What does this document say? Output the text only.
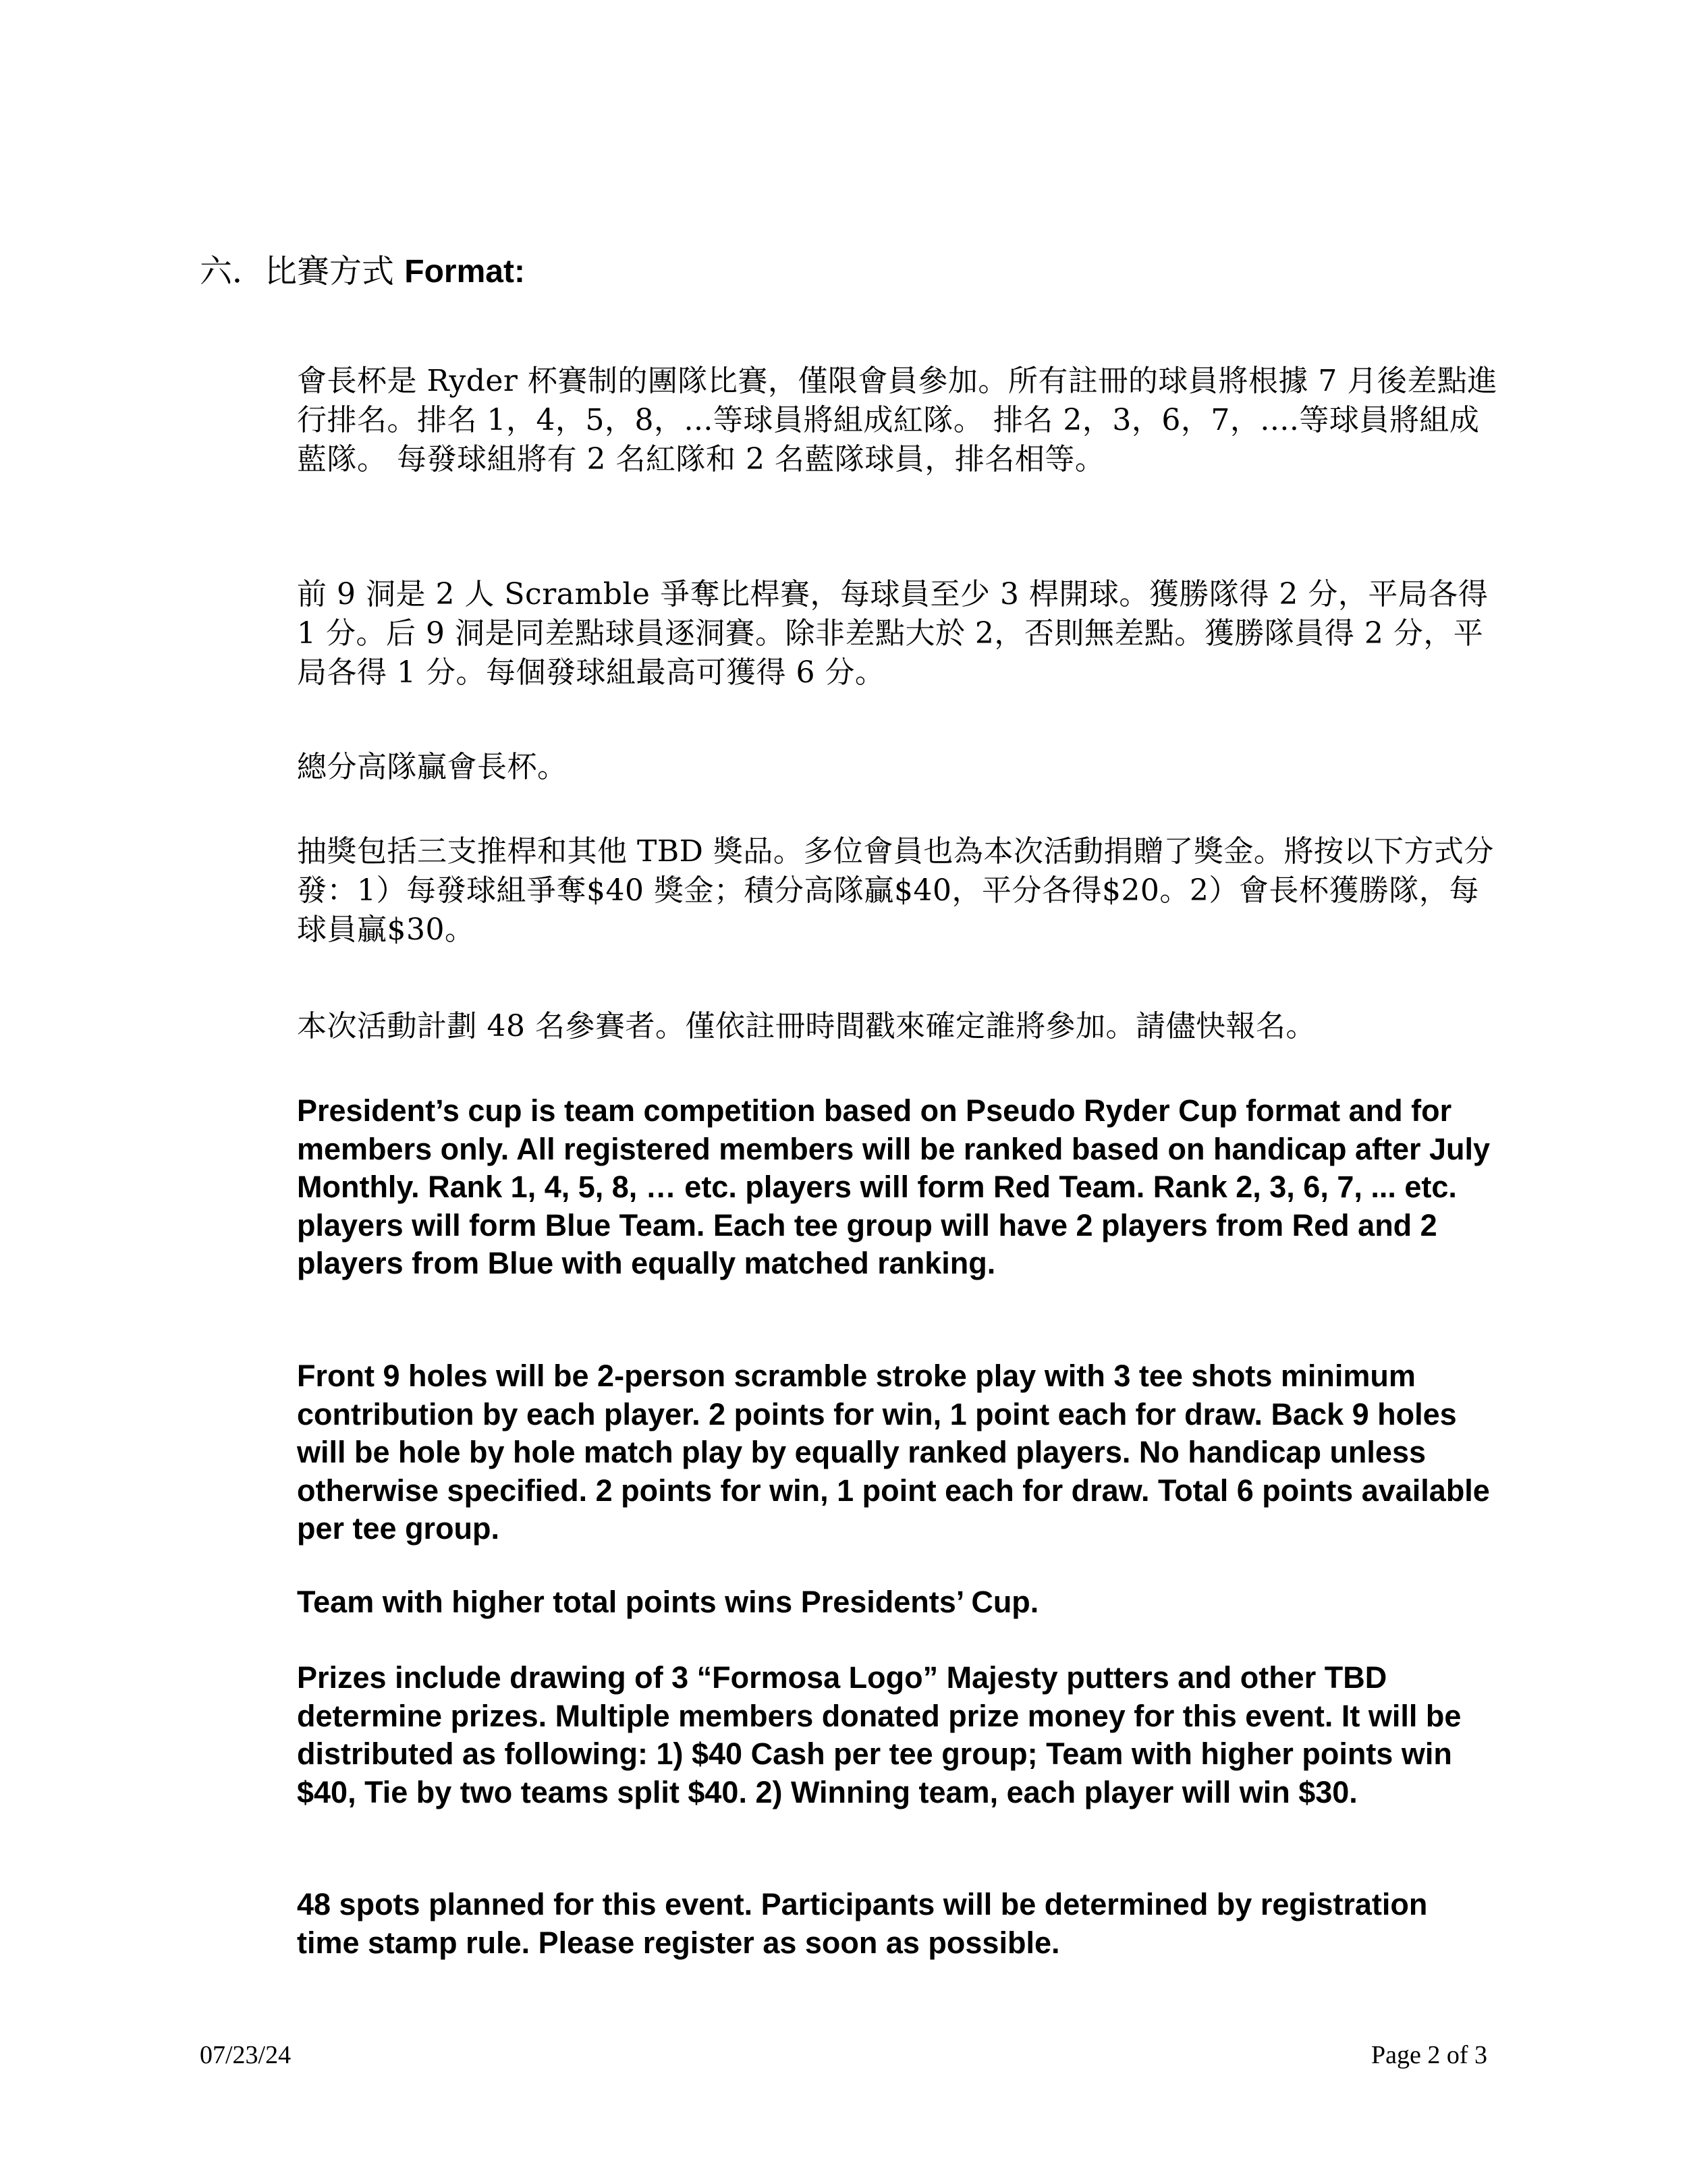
六．比賽方式 Format:

會長杯是 Ryder 杯賽制的團隊比賽，僅限會員參加。所有註冊的球員將根據 7 月後差點進行排名。排名 1，4，5，8，...等球員將組成紅隊。 排名 2，3，6，7，....等球員將組成藍隊。 每發球組將有 2 名紅隊和 2 名藍隊球員，排名相等。

前 9 洞是 2 人 Scramble 爭奪比桿賽，每球員至少 3 桿開球。獲勝隊得 2 分，平局各得 1 分。后 9 洞是同差點球員逐洞賽。除非差點大於 2，否則無差點。獲勝隊員得 2 分，平局各得 1 分。每個發球組最高可獲得 6 分。

總分高隊贏會長杯。

抽獎包括三支推桿和其他 TBD 獎品。多位會員也為本次活動捐贈了獎金。將按以下方式分發：1）每發球組爭奪$40 獎金；積分高隊贏$40，平分各得$20。2）會長杯獲勝隊，每球員贏$30。

本次活動計劃 48 名參賽者。僅依註冊時間戳來確定誰將參加。請儘快報名。

President’s cup is team competition based on Pseudo Ryder Cup format and for members only. All registered members will be ranked based on handicap after July Monthly. Rank 1, 4, 5, 8, … etc. players will form Red Team. Rank 2, 3, 6, 7, ... etc. players will form Blue Team. Each tee group will have 2 players from Red and 2 players from Blue with equally matched ranking.

Front 9 holes will be 2-person scramble stroke play with 3 tee shots minimum contribution by each player. 2 points for win, 1 point each for draw. Back 9 holes will be hole by hole match play by equally ranked players. No handicap unless otherwise specified. 2 points for win, 1 point each for draw. Total 6 points available per tee group.

Team with higher total points wins Presidents’ Cup.

Prizes include drawing of 3 “Formosa Logo” Majesty putters and other TBD determine prizes. Multiple members donated prize money for this event. It will be distributed as following: 1) $40 Cash per tee group; Team with higher points win $40, Tie by two teams split $40. 2) Winning team, each player will win $30.

48 spots planned for this event. Participants will be determined by registration time stamp rule. Please register as soon as possible.

07/23/24	Page 2 of 3
